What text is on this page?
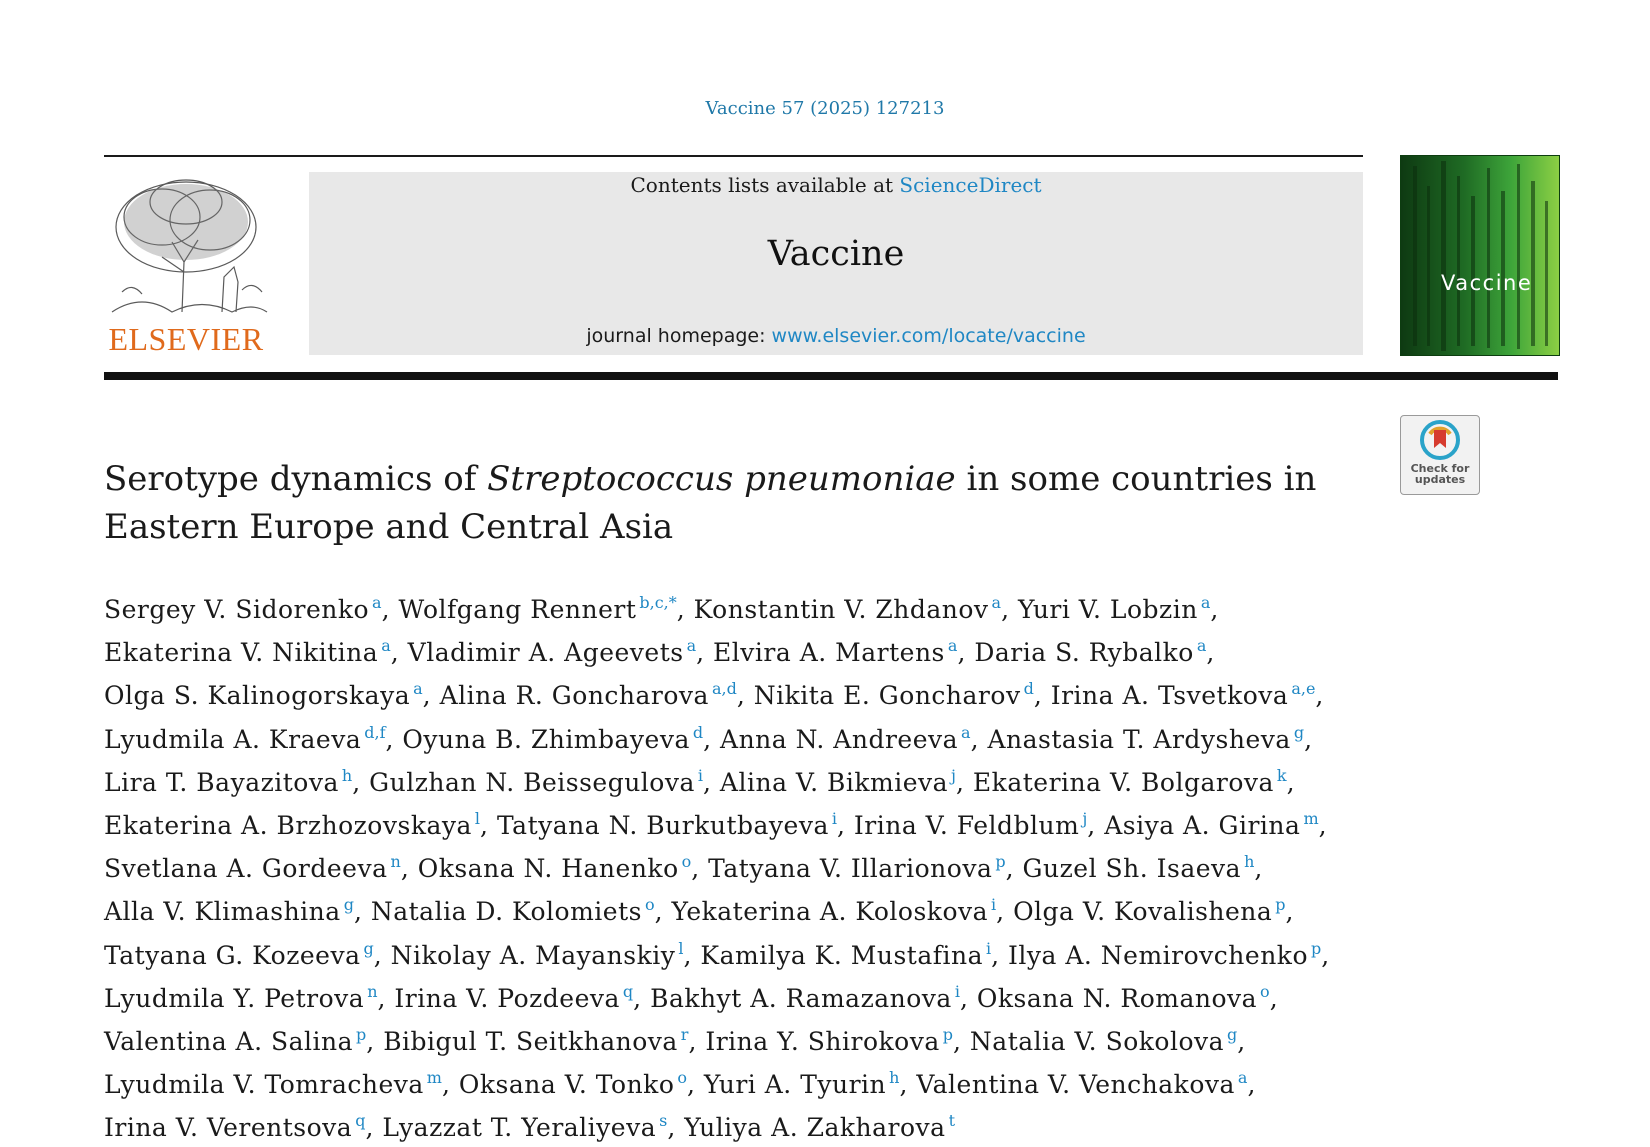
Vaccine 57 (2025) 127213
ELSEVIER
Contents lists available at ScienceDirect
Vaccine
journal homepage: www.elsevier.com/locate/vaccine
Vaccine
Check for
updates
Serotype dynamics of Streptococcus pneumoniae in some countries in Eastern Europe and Central Asia
Sergey V. Sidorenko $^a$, Wolfgang Rennert $^{b,c,*}$, Konstantin V. Zhdanov $^a$, Yuri V. Lobzin $^a$,
Ekaterina V. Nikitina $^a$, Vladimir A. Ageevets $^a$, Elvira A. Martens $^a$, Daria S. Rybalko $^a$,
Olga S. Kalinogorskaya $^a$, Alina R. Goncharova $^{a,d}$, Nikita E. Goncharov $^d$, Irina A. Tsvetkova $^{a,e}$,
Lyudmila A. Kraeva $^{d,f}$, Oyuna B. Zhimbayeva $^d$, Anna N. Andreeva $^a$, Anastasia T. Ardysheva $^g$,
Lira T. Bayazitova $^h$, Gulzhan N. Beissegulova $^i$, Alina V. Bikmieva $^j$, Ekaterina V. Bolgarova $^k$,
Ekaterina A. Brzhozovskaya $^l$, Tatyana N. Burkutbayeva $^i$, Irina V. Feldblum $^j$, Asiya A. Girina $^m$,
Svetlana A. Gordeeva $^n$, Oksana N. Hanenko $^o$, Tatyana V. Illarionova $^p$, Guzel Sh. Isaeva $^h$,
Alla V. Klimashina $^g$, Natalia D. Kolomiets $^o$, Yekaterina A. Koloskova $^i$, Olga V. Kovalishena $^p$,
Tatyana G. Kozeeva $^g$, Nikolay A. Mayanskiy $^l$, Kamilya K. Mustafina $^i$, Ilya A. Nemirovchenko $^p$,
Lyudmila Y. Petrova $^n$, Irina V. Pozdeeva $^q$, Bakhyt A. Ramazanova $^i$, Oksana N. Romanova $^o$,
Valentina A. Salina $^p$, Bibigul T. Seitkhanova $^r$, Irina Y. Shirokova $^p$, Natalia V. Sokolova $^g$,
Lyudmila V. Tomracheva $^m$, Oksana V. Tonko $^o$, Yuri A. Tyurin $^h$, Valentina V. Venchakova $^a$,
Irina V. Verentsova $^q$, Lyazzat T. Yeraliyeva $^s$, Yuliya A. Zakharova $^t$
